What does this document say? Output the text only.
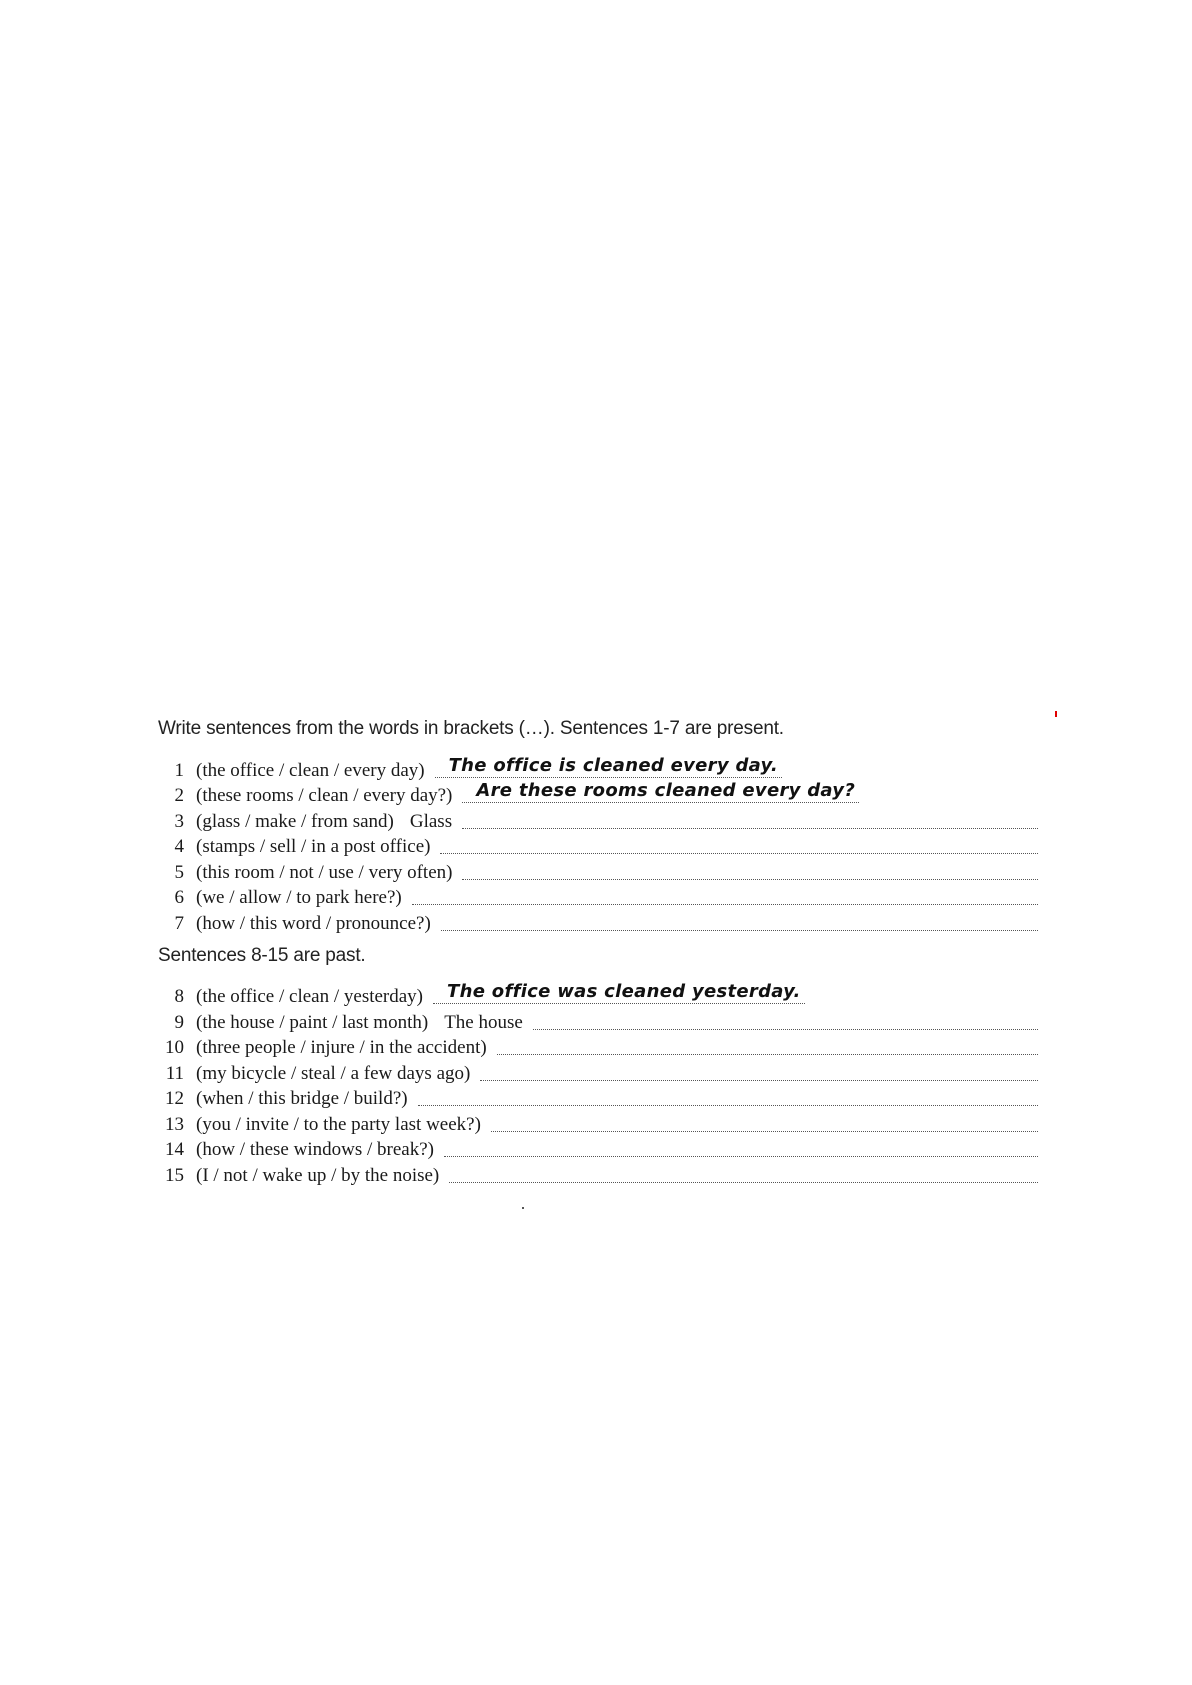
Write sentences from the words in brackets (…). Sentences 1-7 are present.
1 (the office / clean / every day) The office is cleaned every day.
2 (these rooms / clean / every day?) Are these rooms cleaned every day?
3 (glass / make / from sand) Glass
4 (stamps / sell / in a post office)
5 (this room / not / use / very often)
6 (we / allow / to park here?)
7 (how / this word / pronounce?)
Sentences 8-15 are past.
8 (the office / clean / yesterday) The office was cleaned yesterday.
9 (the house / paint / last month) The house
10 (three people / injure / in the accident)
11 (my bicycle / steal / a few days ago)
12 (when / this bridge / build?)
13 (you / invite / to the party last week?)
14 (how / these windows / break?)
15 (I / not / wake up / by the noise)
